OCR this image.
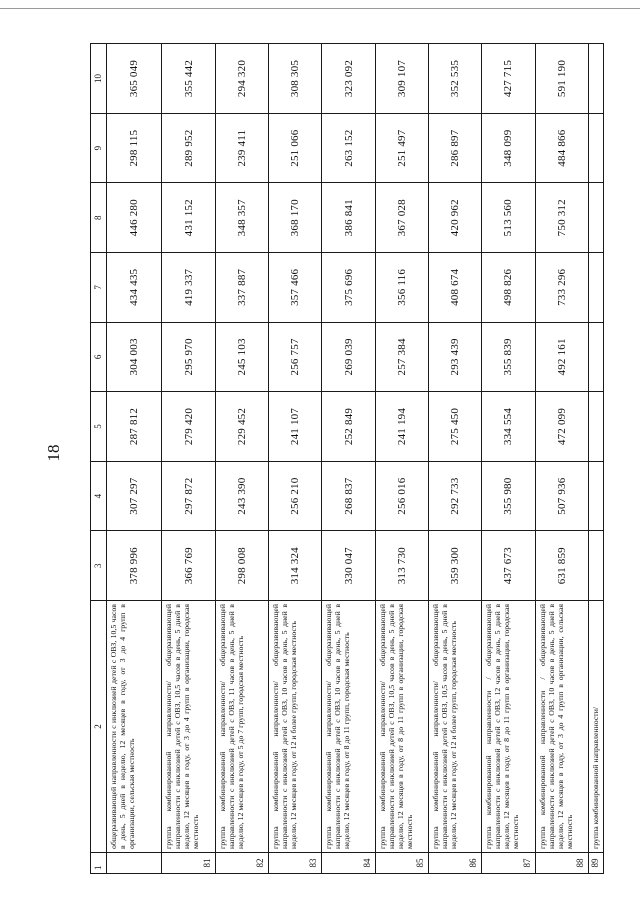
18
1	2	3	4	5	6	7	8	9	10
	общеразвивающей направленности с инклюзией детей с ОВЗ, 10,5 часов в день, 5 дней в неделю, 12 месяцев в году, от 3 до 4 групп в организации, сельская местность	378 996	307 297	287 812	304 003	434 435	446 280	298 115	365 049
81	группа комбинированной направленности/ общеразвивающей направленности с инклюзией детей с ОВЗ, 10,5 часов в день, 5 дней в неделю, 12 месяцев в году, от 3 до 4 групп в организации, городская местность	366 769	297 872	279 420	295 970	419 337	431 152	289 952	355 442
82	группа комбинированной направленности/ общеразвивающей направленности с инклюзией детей с ОВЗ, 11 часов в день, 5 дней в неделю, 12 месяцев в году, от 5 до 7 групп, городская местность	298 008	243 390	229 452	245 103	337 887	348 357	239 411	294 320
83	группа комбинированной направленности/ общеразвивающей направленности с инклюзией детей с ОВЗ, 10 часов в день, 5 дней в неделю, 12 месяцев в году, от 12 и более групп, городская местность	314 324	256 210	241 107	256 757	357 466	368 170	251 066	308 305
84	группа комбинированной направленности/ общеразвивающей направленности с инклюзией детей с ОВЗ, 10 часов в день, 5 дней в неделю, 12 месяцев в году, от 8 до 11 групп, городская местность	330 047	268 837	252 849	269 039	375 696	386 841	263 152	323 092
85	группа комбинированной направленности/ общеразвивающей направленности с инклюзией детей с ОВЗ, 10,5 часов в день, 5 дней в неделю, 12 месяцев в году, от 8 до 11 групп в организации, городская местность	313 730	256 016	241 194	257 384	356 116	367 028	251 497	309 107
86	группа комбинированной направленности/ общеразвивающей направленности с инклюзией детей с ОВЗ, 10,5 часов в день, 5 дней в неделю, 12 месяцев в году, от 12 и более групп, городская местность	359 300	292 733	275 450	293 439	408 674	420 962	286 897	352 535
87	группа комбинированной направленности / общеразвивающей направленности с инклюзией детей с ОВЗ, 12 часов в день, 5 дней в неделю, 12 месяцев в году, от 8 до 11 групп в организации, городская местность	437 673	355 980	334 554	355 839	498 826	513 560	348 099	427 715
88	группа комбинированной направленности / общеразвивающей направленности с инклюзией детей с ОВЗ, 10 часов в день, 5 дней в неделю, 12 месяцев в году, от 3 до 4 групп в организации, сельская местность	631 859	507 936	472 099	492 161	733 296	750 312	484 866	591 190
89	группа комбинированной направленности/								
